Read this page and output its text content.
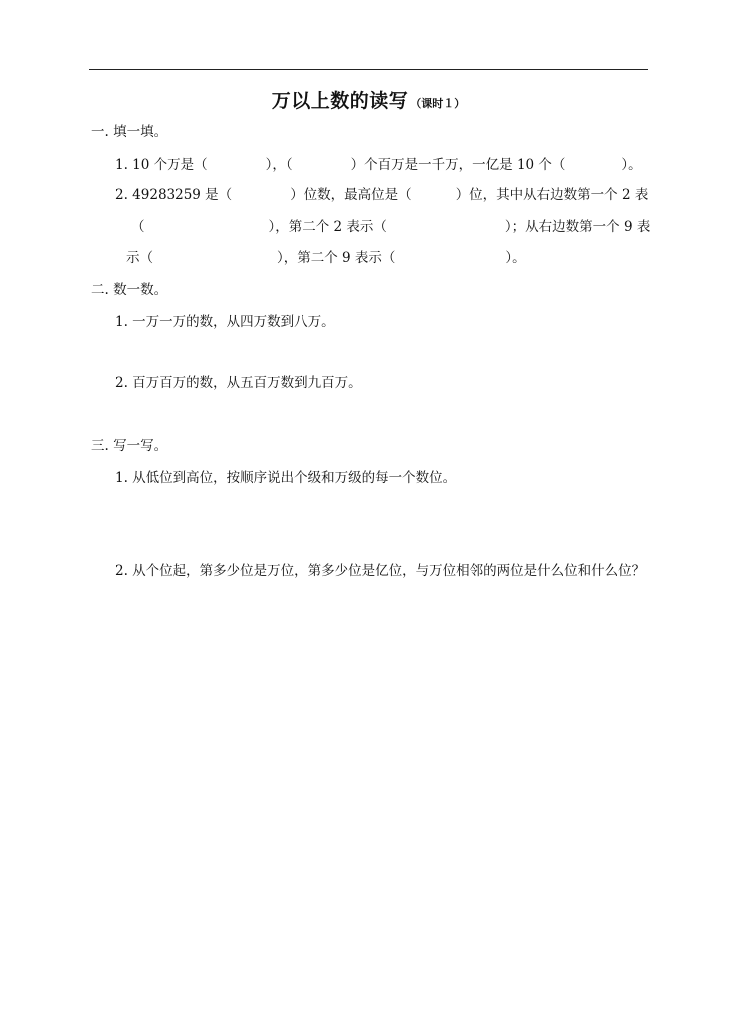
万以上数的读写 （课时１）
一. 填一填。
1. 10 个万是（	），（	）个百万是一千万，一亿是 10 个（	）。
2. 49283259 是（	）位数，最高位是（	）位，其中从右边数第一个 2 表
（	），第二个 2 表示（	）；从右边数第一个 9 表
示（	），第二个 9 表示（	）。
二. 数一数。
1. 一万一万的数，从四万数到八万。
2. 百万百万的数，从五百万数到九百万。
三. 写一写。
1. 从低位到高位，按顺序说出个级和万级的每一个数位。
2. 从个位起，第多少位是万位，第多少位是亿位，与万位相邻的两位是什么位和什么位？
